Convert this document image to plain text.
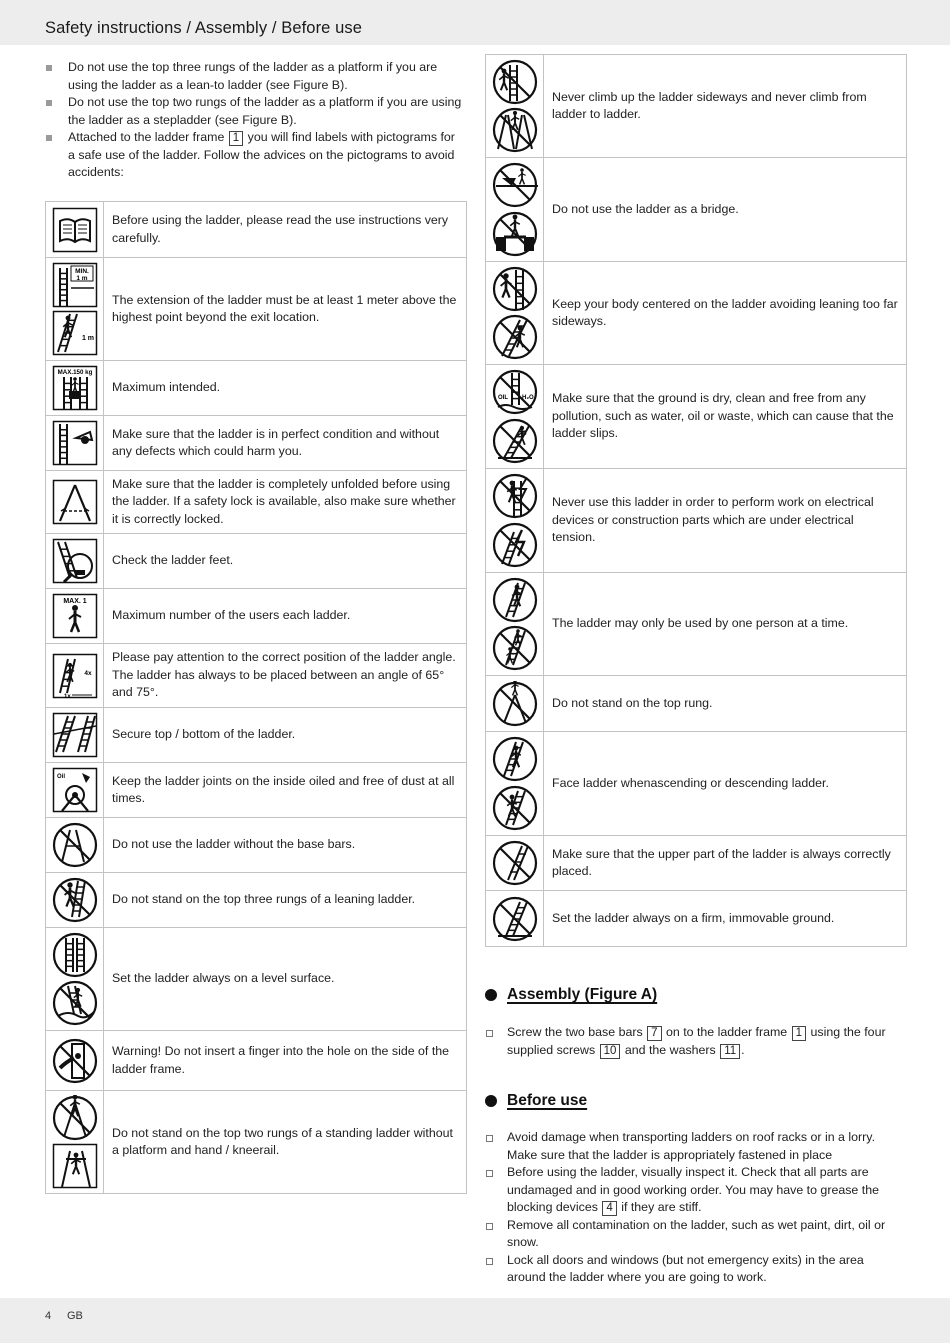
Safety instructions / Assembly / Before use
Do not use the top three rungs of the ladder as a platform if you are using the ladder as a lean-to ladder (see Figure B).
Do not use the top two rungs of the ladder as a platform if you are using the ladder as a stepladder (see Figure B).
Attached to the ladder frame 1 you will find labels with pictograms for a safe use of the ladder. Follow the advices on the pictograms to avoid accidents:
Before using the ladder, please read the use instructions very carefully.
MIN.
1 m
1 m
The extension of the ladder must be at least 1 meter above the highest point beyond the exit location.
MAX.150 kg
Maximum intended.
Make sure that the ladder is in perfect condition and without any defects which could harm you.
Make sure that the ladder is completely unfolded before using the ladder. If a safety lock is available, also make sure whether it is correctly locked.
Check the ladder feet.
MAX. 1
Maximum number of the users each ladder.
4x
1x
Please pay attention to the correct position of the ladder angle. The ladder has always to be placed between an angle of 65° and 75°.
Secure top / bottom of the ladder.
Oil	Keep the ladder joints on the inside oiled and free of dust at all times.
Do not use the ladder without the base bars.
Do not stand on the top three rungs of a leaning ladder.
Set the ladder always on a level surface.
Warning! Do not insert a finger into the hole on the side of the ladder frame.
Do not stand on the top two rungs of a standing ladder without a platform and hand / kneerail.
Never climb up the ladder sideways and never climb from ladder to ladder.
Do not use the ladder as a bridge.
Keep your body centered on the ladder avoiding leaning too far sideways.
OIL H₂O Make sure that the ground is dry, clean and free from any pollution, such as water, oil or waste, which can cause that the ladder slips.
Never use this ladder in order to perform work on electrical devices or construction parts which are under electrical tension.
The ladder may only be used by one person at a time.
Do not stand on the top rung.
Face ladder whenascending or descending ladder.
Make sure that the upper part of the ladder is always correctly placed.
Set the ladder always on a firm, immovable ground.
Assembly (Figure A)
Screw the two base bars 7 on to the ladder frame 1 using the four supplied screws 10 and the washers 11 .
Before use
Avoid damage when transporting ladders on roof racks or in a lorry. Make sure that the ladder is appropriately fastened in place
Before using the ladder, visually inspect it. Check that all parts are undamaged and in good working order. You may have to grease the blocking devices 4 if they are stiff.
Remove all contamination on the ladder, such as wet paint, dirt, oil or snow.
Lock all doors and windows (but not emergency exits) in the area around the ladder where you are going to work.
4 GB
